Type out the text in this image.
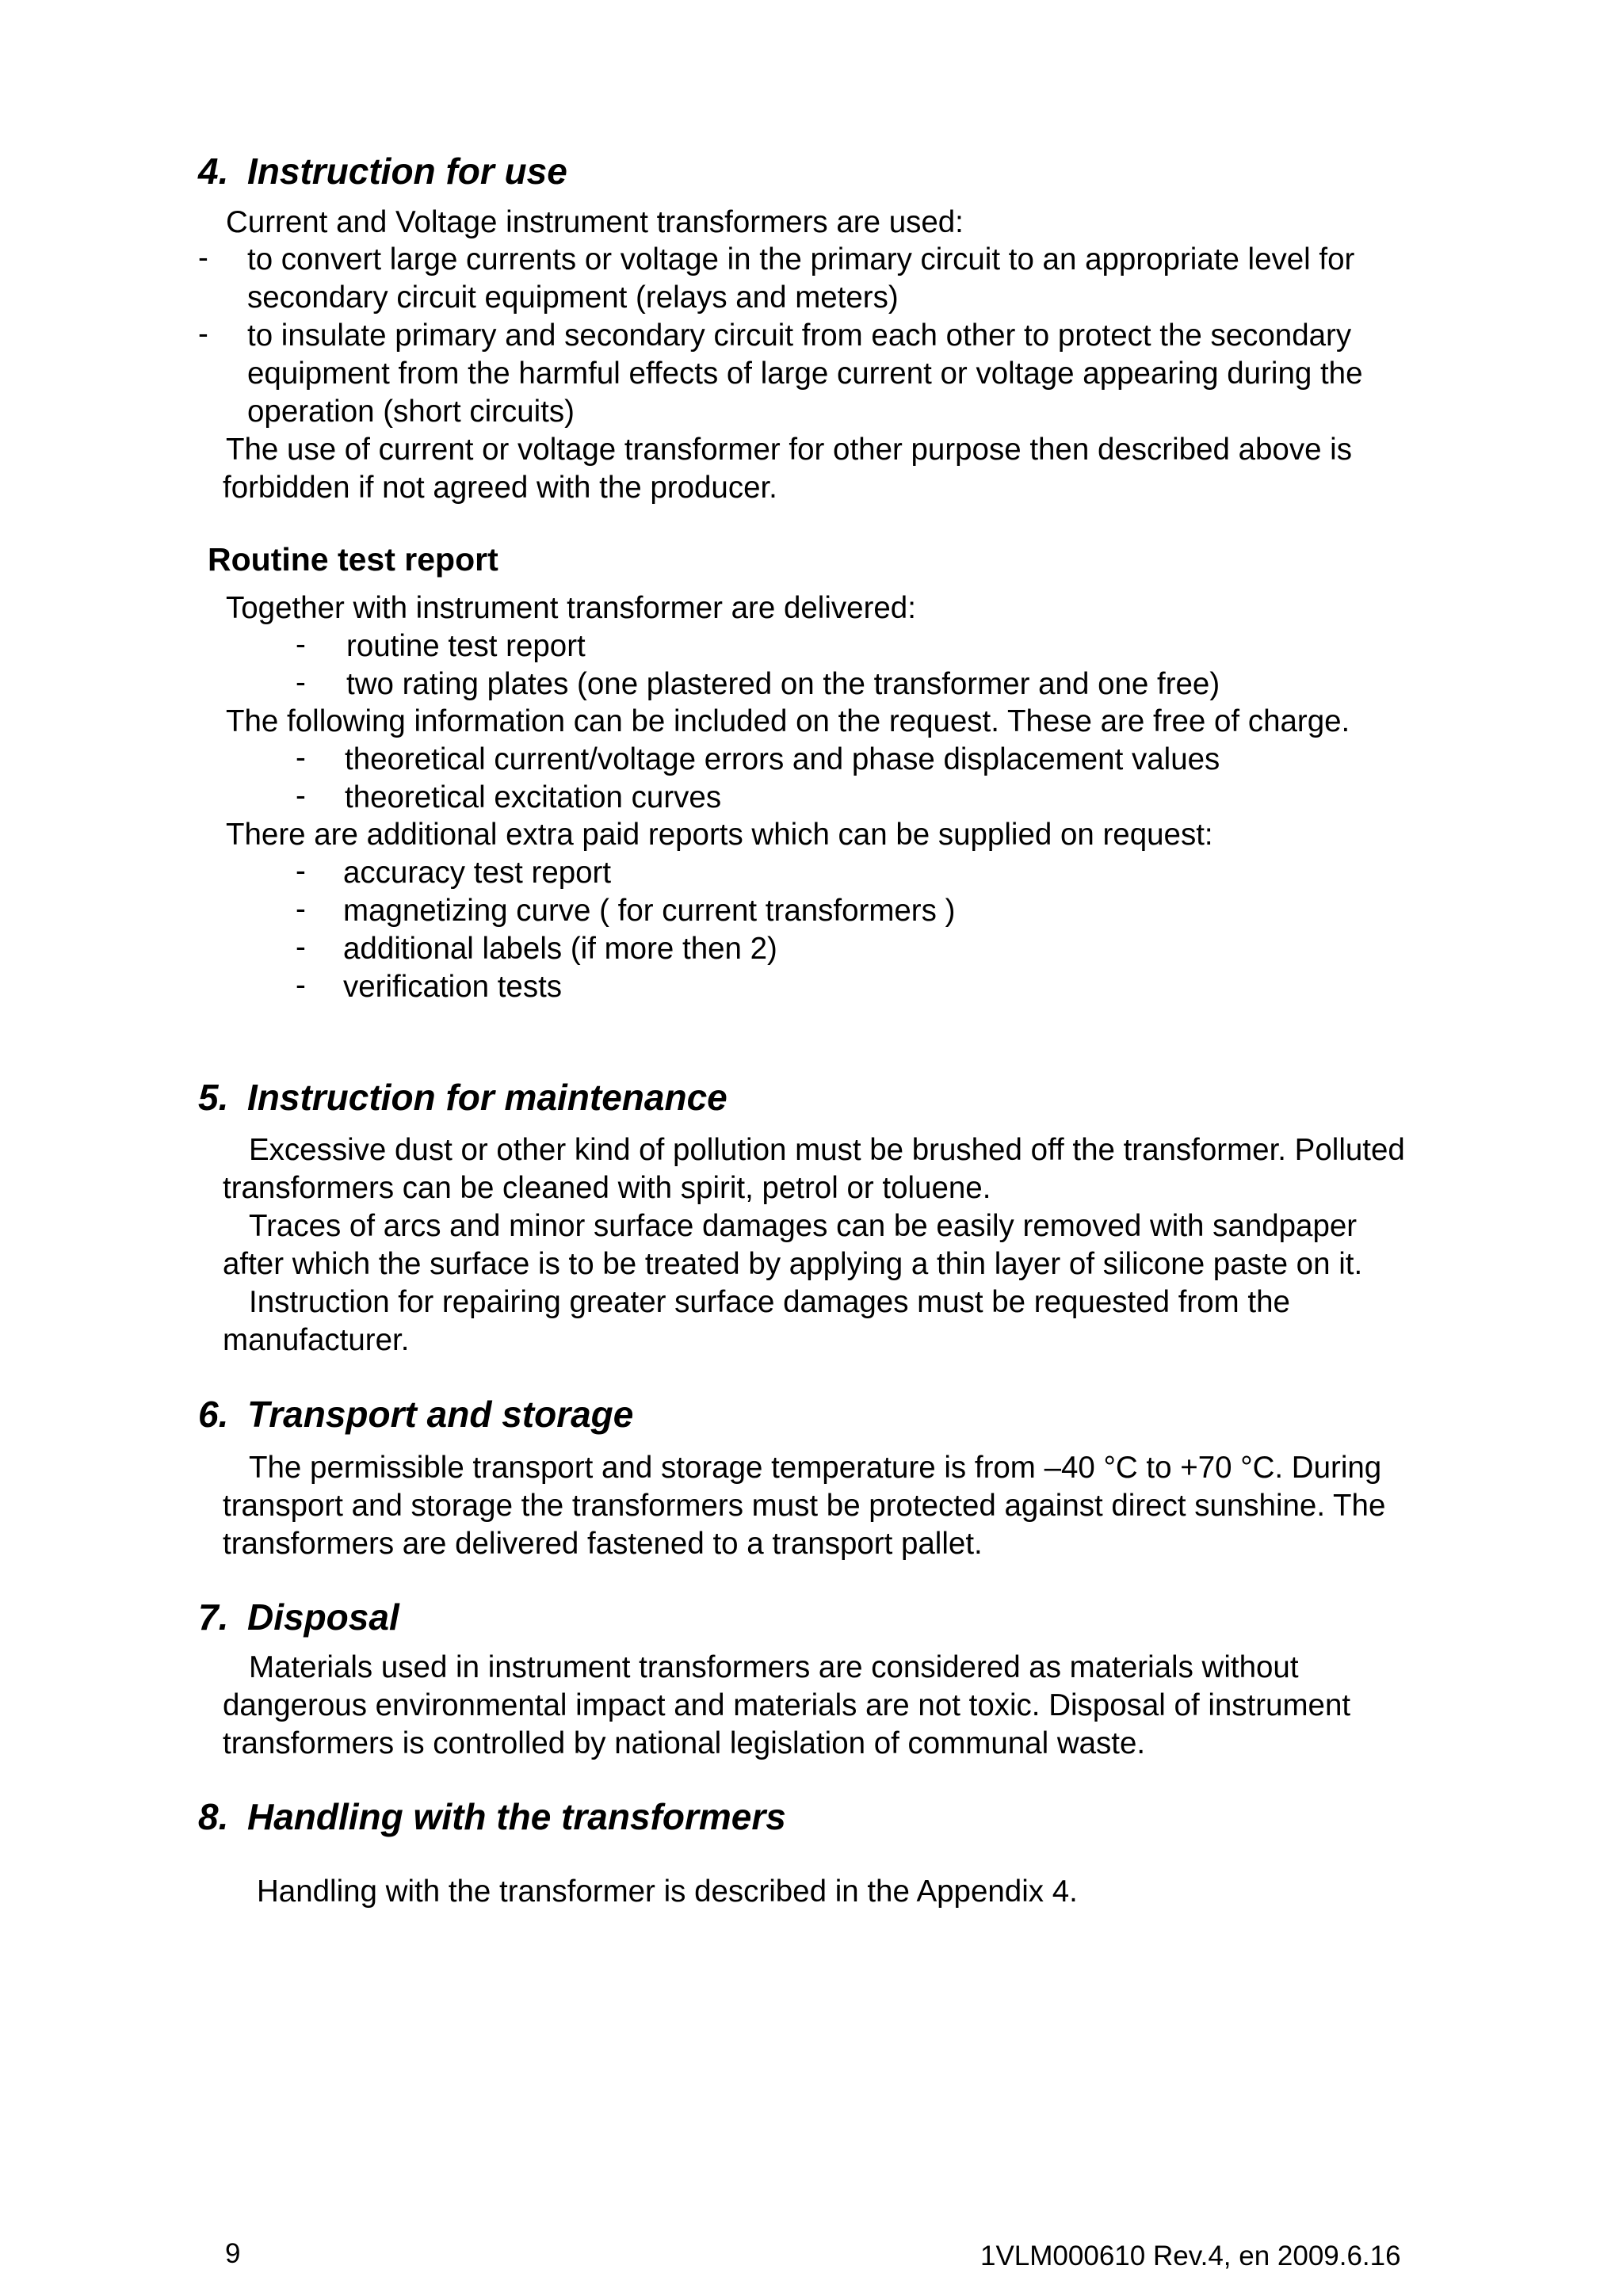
4. Instruction for use

Current and Voltage instrument transformers are used:

- to convert large currents or voltage in the primary circuit to an appropriate level for

secondary circuit equipment (relays and meters)

- to insulate primary and secondary circuit from each other to protect the secondary

equipment from the harmful effects of large current or voltage appearing during the

operation (short circuits)

The use of current or voltage transformer for other purpose then described above is

forbidden if not agreed with the producer.

Routine test report

Together with instrument transformer are delivered:

- routine test report

- two rating plates (one plastered on the transformer and one free)

The following information can be included on the request. These are free of charge.

- theoretical current/voltage errors and phase displacement values

- theoretical excitation curves

There are additional extra paid reports which can be supplied on request:

- accuracy test report

- magnetizing curve ( for current transformers )

- additional labels (if more then 2)

- verification tests

5. Instruction for maintenance

Excessive dust or other kind of pollution must be brushed off the transformer. Polluted

transformers can be cleaned with spirit, petrol or toluene.

Traces of arcs and minor surface damages can be easily removed with sandpaper

after which the surface is to be treated by applying a thin layer of silicone paste on it.

Instruction for repairing greater surface damages must be requested from the

manufacturer.

6. Transport and storage

The permissible transport and storage temperature is from –40 °C to +70 °C. During

transport and storage the transformers must be protected against direct sunshine. The

transformers are delivered fastened to a transport pallet.

7. Disposal

Materials used in instrument transformers are considered as materials without

dangerous environmental impact and materials are not toxic. Disposal of instrument

transformers is controlled by national legislation of communal waste.

8. Handling with the transformers

Handling with the transformer is described in the Appendix 4.

9	1VLM000610 Rev.4, en 2009.6.16
